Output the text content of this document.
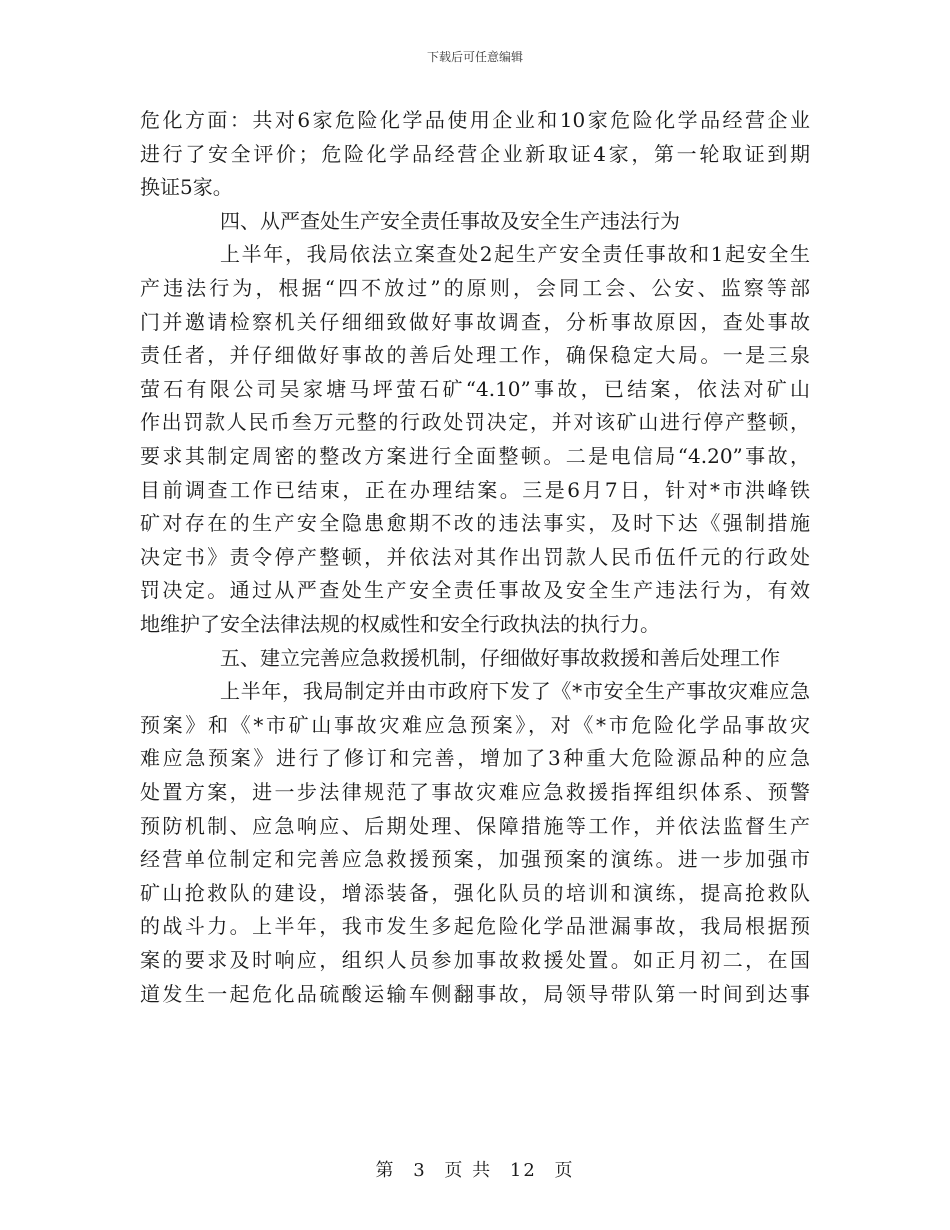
下载后可任意编辑
危化方面：共对6家危险化学品使用企业和10家危险化学品经营企业
进行了安全评价；危险化学品经营企业新取证4家，第一轮取证到期
换证5家。
四、从严查处生产安全责任事故及安全生产违法行为
上半年，我局依法立案查处2起生产安全责任事故和1起安全生
产违法行为，根据“四不放过”的原则，会同工会、公安、监察等部
门并邀请检察机关仔细细致做好事故调查，分析事故原因，查处事故
责任者，并仔细做好事故的善后处理工作，确保稳定大局。一是三泉
萤石有限公司吴家塘马坪萤石矿“4.10”事故，已结案，依法对矿山
作出罚款人民币叁万元整的行政处罚决定，并对该矿山进行停产整顿，
要求其制定周密的整改方案进行全面整顿。二是电信局“4.20”事故，
目前调查工作已结束，正在办理结案。三是6月7日，针对*市洪峰铁
矿对存在的生产安全隐患愈期不改的违法事实，及时下达《强制措施
决定书》责令停产整顿，并依法对其作出罚款人民币伍仟元的行政处
罚决定。通过从严查处生产安全责任事故及安全生产违法行为，有效
地维护了安全法律法规的权威性和安全行政执法的执行力。
五、建立完善应急救援机制，仔细做好事故救援和善后处理工作
上半年，我局制定并由市政府下发了《*市安全生产事故灾难应急
预案》和《*市矿山事故灾难应急预案》，对《*市危险化学品事故灾
难应急预案》进行了修订和完善，增加了3种重大危险源品种的应急
处置方案，进一步法律规范了事故灾难应急救援指挥组织体系、预警
预防机制、应急响应、后期处理、保障措施等工作，并依法监督生产
经营单位制定和完善应急救援预案，加强预案的演练。进一步加强市
矿山抢救队的建设，增添装备，强化队员的培训和演练，提高抢救队
的战斗力。上半年，我市发生多起危险化学品泄漏事故，我局根据预
案的要求及时响应，组织人员参加事故救援处置。如正月初二，在国
道发生一起危化品硫酸运输车侧翻事故，局领导带队第一时间到达事
第 3 页 共 12 页
